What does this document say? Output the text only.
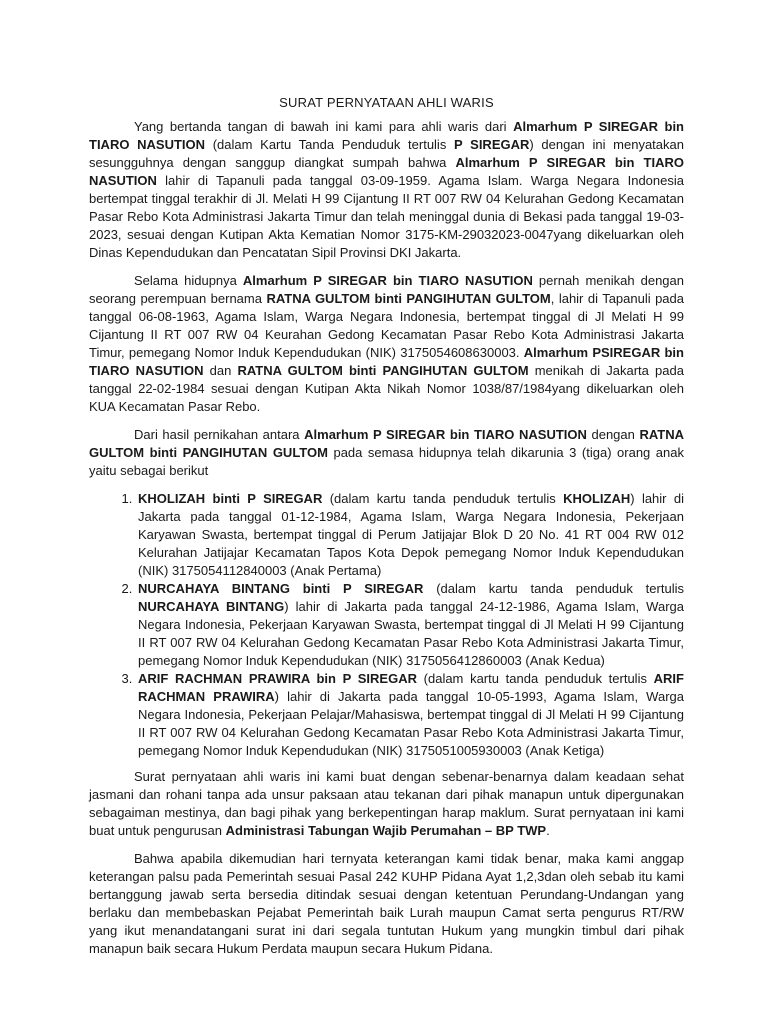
SURAT PERNYATAAN AHLI WARIS

Yang bertanda tangan di bawah ini kami para ahli waris dari Almarhum P SIREGAR bin TIARO NASUTION (dalam Kartu Tanda Penduduk tertulis P SIREGAR) dengan ini menyatakan sesungguhnya dengan sanggup diangkat sumpah bahwa Almarhum P SIREGAR bin TIARO NASUTION lahir di Tapanuli pada tanggal 03-09-1959. Agama Islam. Warga Negara Indonesia bertempat tinggal terakhir di Jl. Melati H 99 Cijantung II RT 007 RW 04 Kelurahan Gedong Kecamatan Pasar Rebo Kota Administrasi Jakarta Timur dan telah meninggal dunia di Bekasi pada tanggal 19-03-2023, sesuai dengan Kutipan Akta Kematian Nomor 3175-KM-29032023-0047yang dikeluarkan oleh Dinas Kependudukan dan Pencatatan Sipil Provinsi DKI Jakarta.

Selama hidupnya Almarhum P SIREGAR bin TIARO NASUTION pernah menikah dengan seorang perempuan bernama RATNA GULTOM binti PANGIHUTAN GULTOM, lahir di Tapanuli pada tanggal 06-08-1963, Agama Islam, Warga Negara Indonesia, bertempat tinggal di Jl Melati H 99 Cijantung II RT 007 RW 04 Keurahan Gedong Kecamatan Pasar Rebo Kota Administrasi Jakarta Timur, pemegang Nomor Induk Kependudukan (NIK) 3175054608630003. Almarhum PSIREGAR bin TIARO NASUTION dan RATNA GULTOM binti PANGIHUTAN GULTOM menikah di Jakarta pada tanggal 22-02-1984 sesuai dengan Kutipan Akta Nikah Nomor 1038/87/1984yang dikeluarkan oleh KUA Kecamatan Pasar Rebo.

Dari hasil pernikahan antara Almarhum P SIREGAR bin TIARO NASUTION dengan RATNA GULTOM binti PANGIHUTAN GULTOM pada semasa hidupnya telah dikarunia 3 (tiga) orang anak yaitu sebagai berikut

1. KHOLIZAH binti P SIREGAR (dalam kartu tanda penduduk tertulis KHOLIZAH) lahir di Jakarta pada tanggal 01-12-1984, Agama Islam, Warga Negara Indonesia, Pekerjaan Karyawan Swasta, bertempat tinggal di Perum Jatijajar Blok D 20 No. 41 RT 004 RW 012 Kelurahan Jatijajar Kecamatan Tapos Kota Depok pemegang Nomor Induk Kependudukan (NIK) 3175054112840003 (Anak Pertama)
2. NURCAHAYA BINTANG binti P SIREGAR (dalam kartu tanda penduduk tertulis NURCAHAYA BINTANG) lahir di Jakarta pada tanggal 24-12-1986, Agama Islam, Warga Negara Indonesia, Pekerjaan Karyawan Swasta, bertempat tinggal di Jl Melati H 99 Cijantung II RT 007 RW 04 Kelurahan Gedong Kecamatan Pasar Rebo Kota Administrasi Jakarta Timur, pemegang Nomor Induk Kependudukan (NIK) 3175056412860003 (Anak Kedua)
3. ARIF RACHMAN PRAWIRA bin P SIREGAR (dalam kartu tanda penduduk tertulis ARIF RACHMAN PRAWIRA) lahir di Jakarta pada tanggal 10-05-1993, Agama Islam, Warga Negara Indonesia, Pekerjaan Pelajar/Mahasiswa, bertempat tinggal di Jl Melati H 99 Cijantung II RT 007 RW 04 Kelurahan Gedong Kecamatan Pasar Rebo Kota Administrasi Jakarta Timur, pemegang Nomor Induk Kependudukan (NIK) 3175051005930003 (Anak Ketiga)

Surat pernyataan ahli waris ini kami buat dengan sebenar-benarnya dalam keadaan sehat jasmani dan rohani tanpa ada unsur paksaan atau tekanan dari pihak manapun untuk dipergunakan sebagaiman mestinya, dan bagi pihak yang berkepentingan harap maklum. Surat pernyataan ini kami buat untuk pengurusan Administrasi Tabungan Wajib Perumahan – BP TWP.

Bahwa apabila dikemudian hari ternyata keterangan kami tidak benar, maka kami anggap keterangan palsu pada Pemerintah sesuai Pasal 242 KUHP Pidana Ayat 1,2,3dan oleh sebab itu kami bertanggung jawab serta bersedia ditindak sesuai dengan ketentuan Perundang-Undangan yang berlaku dan membebaskan Pejabat Pemerintah baik Lurah maupun Camat serta pengurus RT/RW yang ikut menandatangani surat ini dari segala tuntutan Hukum yang mungkin timbul dari pihak manapun baik secara Hukum Perdata maupun secara Hukum Pidana.
